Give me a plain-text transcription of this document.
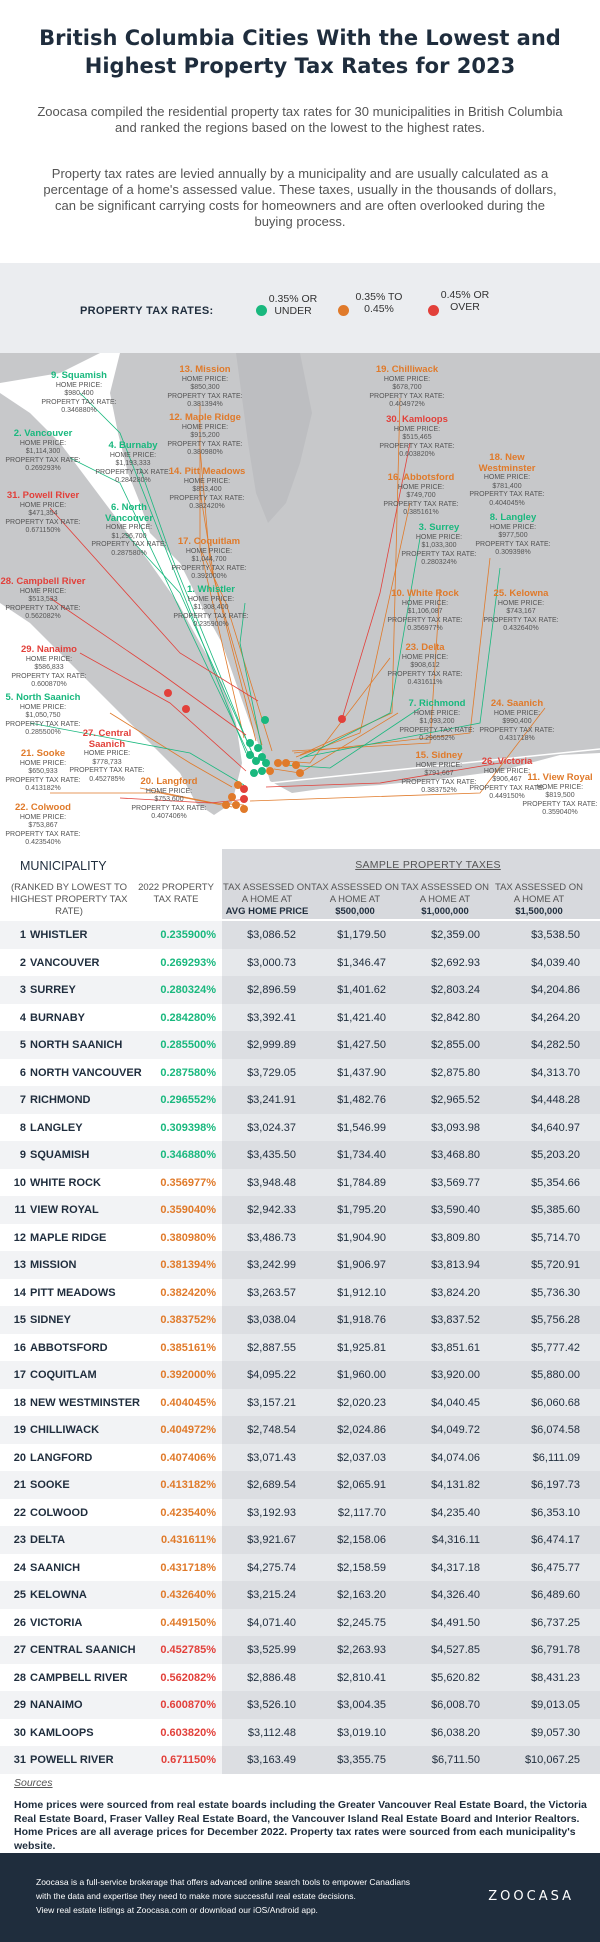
British Columbia Cities With the Lowest and
Highest Property Tax Rates for 2023

Zoocasa compiled the residential property tax rates for 30 municipalities in British Columbia and ranked the regions based on the lowest to the highest rates.

Property tax rates are levied annually by a municipality and are usually calculated as a percentage of a home's assessed value. These taxes, usually in the thousands of dollars, can be significant carrying costs for homeowners and are often overlooked during the buying process.

PROPERTY TAX RATES:
0.35% OR UNDER
0.35% TO 0.45%
0.45% OR OVER
9. Squamish
HOME PRICE:
$980,400
PROPERTY TAX RATE:
0.346880%
2. Vancouver
HOME PRICE:
$1,114,300
PROPERTY TAX RATE:
0.269293%
4. Burnaby
HOME PRICE:
$1,193,333
PROPERTY TAX RATE:
0.284280%
31. Powell River
HOME PRICE:
$471,354
PROPERTY TAX RATE:
0.671150%
6. North Vancouver
HOME PRICE:
$1,296,700
PROPERTY TAX RATE:
0.287580%
28. Campbell River
HOME PRICE:
$513,533
PROPERTY TAX RATE:
0.562082%
29. Nanaimo
HOME PRICE:
$586,833
PROPERTY TAX RATE:
0.600870%
5. North Saanich
HOME PRICE:
$1,050,750
PROPERTY TAX RATE:
0.285500%
21. Sooke
HOME PRICE:
$650,933
PROPERTY TAX RATE:
0.413182%
27. Central Saanich
HOME PRICE:
$778,733
PROPERTY TAX RATE:
0.452785%	20. Langford
HOME PRICE:
$753,600
PROPERTY TAX RATE:
0.407406%
22. Colwood
HOME PRICE:
$753,867
PROPERTY TAX RATE:
0.423540%
13. Mission
HOME PRICE:
$850,300
PROPERTY TAX RATE:
0.381394%
12. Maple Ridge
HOME PRICE:
$915,200
PROPERTY TAX RATE:
0.380980%
14. Pitt Meadows
HOME PRICE:
$853,400
PROPERTY TAX RATE:
0.382420%
17. Coquitlam
HOME PRICE:
$1,044,700
PROPERTY TAX RATE:
0.392000%
1. Whistler
HOME PRICE:
$1,308,400
PROPERTY TAX RATE:
0.235900%
19. Chilliwack
HOME PRICE:
$678,700
PROPERTY TAX RATE:
0.404972%
30. Kamloops
HOME PRICE:
$515,465
PROPERTY TAX RATE:
0.603820%	18. New Westminster
HOME PRICE:
$781,400
PROPERTY TAX RATE:
0.404045%
16. Abbotsford
HOME PRICE:
$749,700
PROPERTY TAX RATE:
0.385161%
3. Surrey
HOME PRICE:
$1,033,300
PROPERTY TAX RATE:
0.280324%
8. Langley
HOME PRICE:
$977,500
PROPERTY TAX RATE:
0.309398%
10. White Rock
HOME PRICE:
$1,106,087
PROPERTY TAX RATE:
0.356977%
25. Kelowna
HOME PRICE:
$743,167
PROPERTY TAX RATE:
0.432640%
23. Delta
HOME PRICE:
$908,612
PROPERTY TAX RATE:
0.431611%
7. Richmond
HOME PRICE:
$1,093,200
PROPERTY TAX RATE:
0.296552%
24. Saanich
HOME PRICE:
$990,400
PROPERTY TAX RATE:
0.431718%
15. Sidney
HOME PRICE:
$791,667
PROPERTY TAX RATE:
0.383752%
26. Victoria
HOME PRICE:
$906,467
PROPERTY TAX RATE:
0.449150%
11. View Royal
HOME PRICE:
$819,500
PROPERTY TAX RATE:
0.359040%
MUNICIPALITY
(RANKED BY LOWEST TO HIGHEST PROPERTY TAX RATE)
2022 PROPERTY TAX RATE
SAMPLE PROPERTY TAXES
TAX ASSESSED ON A HOME AT
AVG HOME PRICE
TAX ASSESSED ON A HOME AT
$500,000
TAX ASSESSED ON A HOME AT
$1,000,000
TAX ASSESSED ON A HOME AT
$1,500,000
1 WHISTLER	0.235900%	$3,086.52	$1,179.50	$2,359.00	$3,538.50
2 VANCOUVER	0.269293%	$3,000.73	$1,346.47	$2,692.93	$4,039.40
3 SURREY	0.280324%	$2,896.59	$1,401.62	$2,803.24	$4,204.86
4 BURNABY	0.284280%	$3,392.41	$1,421.40	$2,842.80	$4,264.20
5 NORTH SAANICH	0.285500%	$2,999.89	$1,427.50	$2,855.00	$4,282.50
6 NORTH VANCOUVER	0.287580%	$3,729.05	$1,437.90	$2,875.80	$4,313.70
7 RICHMOND	0.296552%	$3,241.91	$1,482.76	$2,965.52	$4,448.28
8 LANGLEY	0.309398%	$3,024.37	$1,546.99	$3,093.98	$4,640.97
9 SQUAMISH	0.346880%	$3,435.50	$1,734.40	$3,468.80	$5,203.20
10 WHITE ROCK	0.356977%	$3,948.48	$1,784.89	$3,569.77	$5,354.66
11 VIEW ROYAL	0.359040%	$2,942.33	$1,795.20	$3,590.40	$5,385.60
12 MAPLE RIDGE	0.380980%	$3,486.73	$1,904.90	$3,809.80	$5,714.70
13 MISSION	0.381394%	$3,242.99	$1,906.97	$3,813.94	$5,720.91
14 PITT MEADOWS	0.382420%	$3,263.57	$1,912.10	$3,824.20	$5,736.30
15 SIDNEY	0.383752%	$3,038.04	$1,918.76	$3,837.52	$5,756.28
16 ABBOTSFORD	0.385161%	$2,887.55	$1,925.81	$3,851.61	$5,777.42
17 COQUITLAM	0.392000%	$4,095.22	$1,960.00	$3,920.00	$5,880.00
18 NEW WESTMINSTER	0.404045%	$3,157.21	$2,020.23	$4,040.45	$6,060.68
19 CHILLIWACK	0.404972%	$2,748.54	$2,024.86	$4,049.72	$6,074.58
20 LANGFORD	0.407406%	$3,071.43	$2,037.03	$4,074.06	$6,111.09
21 SOOKE	0.413182%	$2,689.54	$2,065.91	$4,131.82	$6,197.73
22 COLWOOD	0.423540%	$3,192.93	$2,117.70	$4,235.40	$6,353.10
23 DELTA	0.431611%	$3,921.67	$2,158.06	$4,316.11	$6,474.17
24 SAANICH	0.431718%	$4,275.74	$2,158.59	$4,317.18	$6,475.77
25 KELOWNA	0.432640%	$3,215.24	$2,163.20	$4,326.40	$6,489.60
26 VICTORIA	0.449150%	$4,071.40	$2,245.75	$4,491.50	$6,737.25
27 CENTRAL SAANICH	0.452785%	$3,525.99	$2,263.93	$4,527.85	$6,791.78
28 CAMPBELL RIVER	0.562082%	$2,886.48	$2,810.41	$5,620.82	$8,431.23
29 NANAIMO	0.600870%	$3,526.10	$3,004.35	$6,008.70	$9,013.05
30 KAMLOOPS	0.603820%	$3,112.48	$3,019.10	$6,038.20	$9,057.30
31 POWELL RIVER	0.671150%	$3,163.49	$3,355.75	$6,711.50	$10,067.25
Sources

Home prices were sourced from real estate boards including the Greater Vancouver Real Estate Board, the Victoria Real Estate Board, Fraser Valley Real Estate Board, the Vancouver Island Real Estate Board and Interior Realtors. Home Prices are all average prices for December 2022. Property tax rates were sourced from each municipality's website.

Zoocasa is a full-service brokerage that offers advanced online search tools to empower Canadians
with the data and expertise they need to make more successful real estate decisions.
View real estate listings at Zoocasa.com or download our iOS/Android app.
ZOOCASA
